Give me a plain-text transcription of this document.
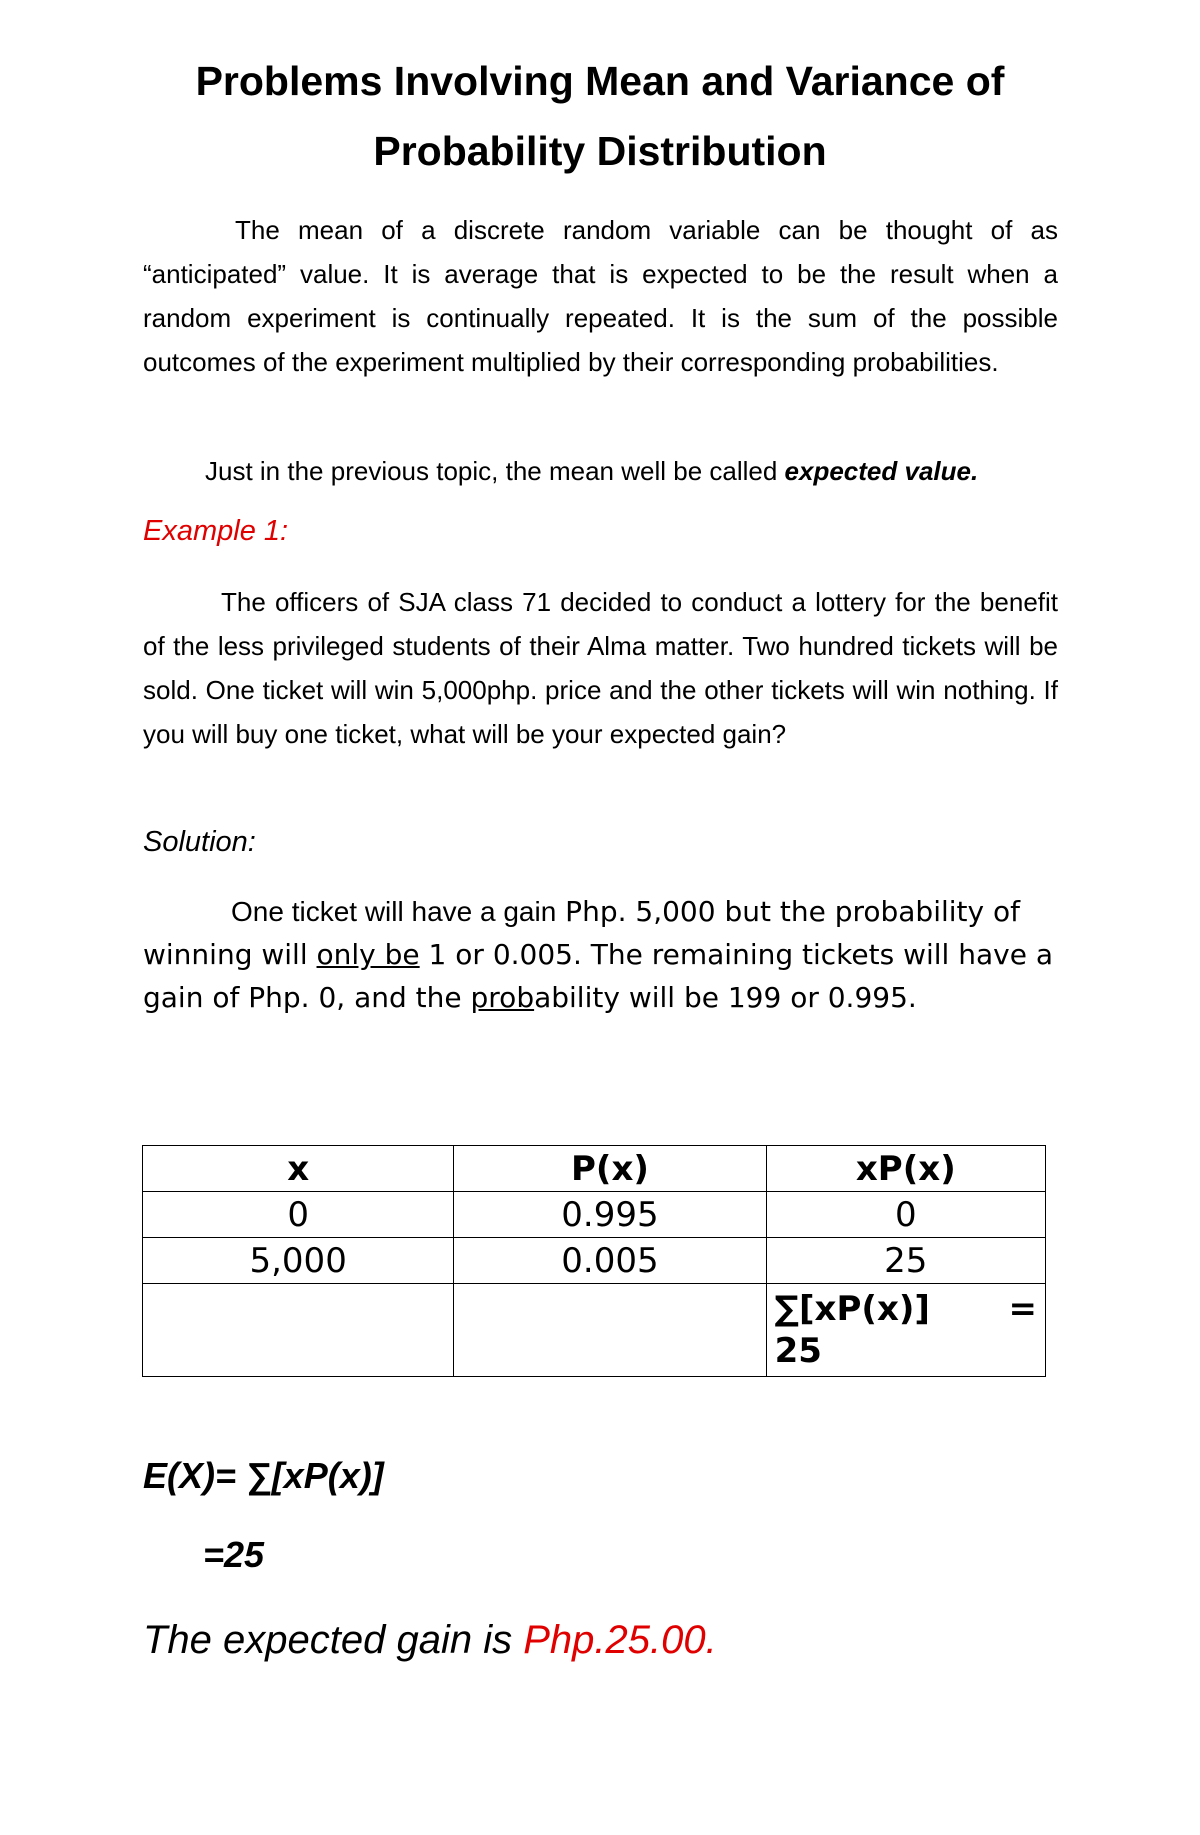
Problems Involving Mean and Variance of
Probability Distribution
The mean of a discrete random variable can be thought of as “anticipated” value. It is average that is expected to be the result when a random experiment is continually repeated. It is the sum of the possible outcomes of the experiment multiplied by their corresponding probabilities.
Just in the previous topic, the mean well be called expected value.
Example 1:
The officers of SJA class 71 decided to conduct a lottery for the benefit of the less privileged students of their Alma matter. Two hundred tickets will be sold. One ticket will win 5,000php. price and the other tickets will win nothing. If you will buy one ticket, what will be your expected gain?
Solution:
One ticket will have a gain Php. 5,000 but the probability of winning will only be 1 or 0.005. The remaining tickets will have a gain of Php. 0, and the probability will be 199 or 0.995.
x	P(x)	xP(x)
0	0.995	0
5,000	0.005	25

		∑[xP(x)] =
25
E(X)= ∑[xP(x)]
=25
The expected gain is Php.25.00.
